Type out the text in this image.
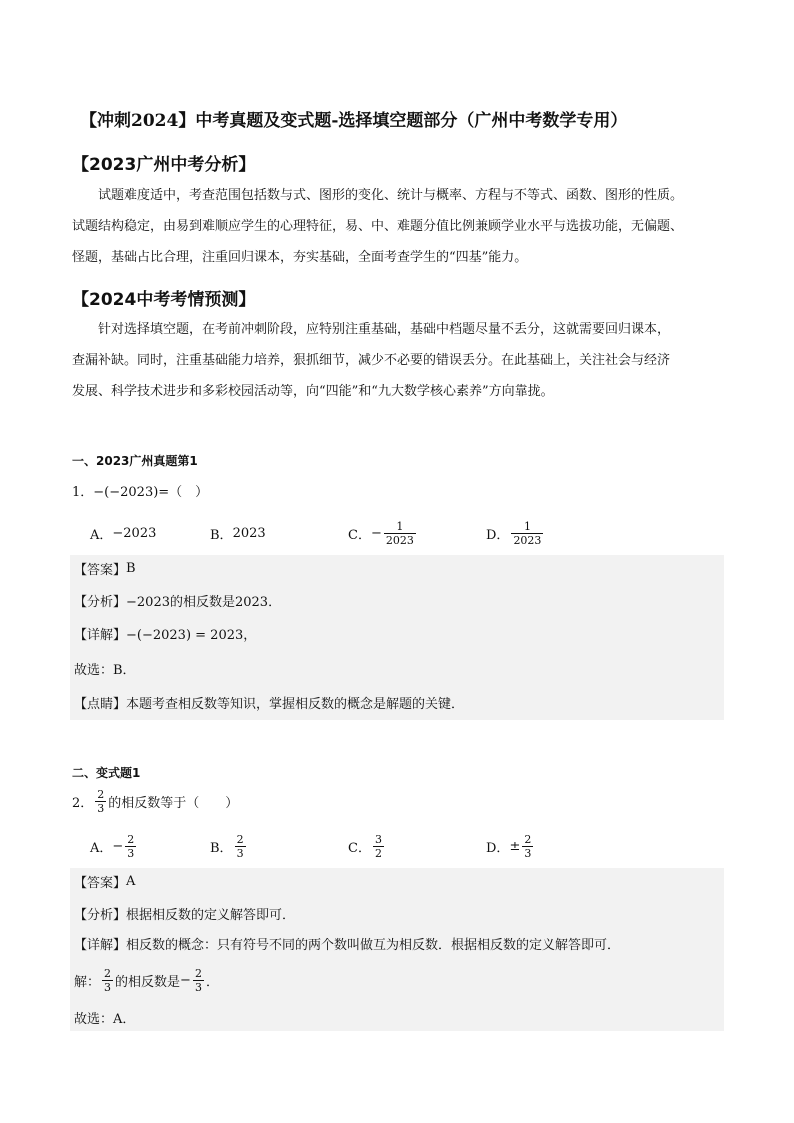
【冲刺2024】中考真题及变式题-选择填空题部分（广州中考数学专用）
【2023广州中考分析】
试题难度适中，考查范围包括数与式、图形的变化、统计与概率、方程与不等式、函数、图形的性质。
试题结构稳定，由易到难顺应学生的心理特征，易、中、难题分值比例兼顾学业水平与选拔功能，无偏题、
怪题，基础占比合理，注重回归课本，夯实基础，全面考查学生的“四基”能力。
【2024中考考情预测】
针对选择填空题，在考前冲刺阶段，应特别注重基础，基础中档题尽量不丢分，这就需要回归课本，
查漏补缺。同时，注重基础能力培养，狠抓细节，减少不必要的错误丢分。在此基础上，关注社会与经济
发展、科学技术进步和多彩校园活动等，向“四能”和“九大数学核心素养”方向靠拢。
一、2023广州真题第1
1． −(−2023)=（　）
A． −2023	B． 2023	C． − $\frac{1}{2023}$	D． $\frac{1}{2023}$
【答案】 B
【分析】 −2023的相反数是2023．
【详解】 −(−2023) = 2023，
故选：B．
【点睛】 本题考查相反数等知识，掌握相反数的概念是解题的关键．
二、变式题1
2． $\frac{2}{3}$ 的相反数等于（　　）
A． − $\frac{2}{3}$	B． $\frac{2}{3}$	C． $\frac{3}{2}$	D． ± $\frac{2}{3}$
【答案】 A
【分析】 根据相反数的定义解答即可．
【详解】 相反数的概念：只有符号不同的两个数叫做互为相反数．根据相反数的定义解答即可．
解： $\frac{2}{3}$ 的相反数是 − $\frac{2}{3}$ ．
故选：A．
